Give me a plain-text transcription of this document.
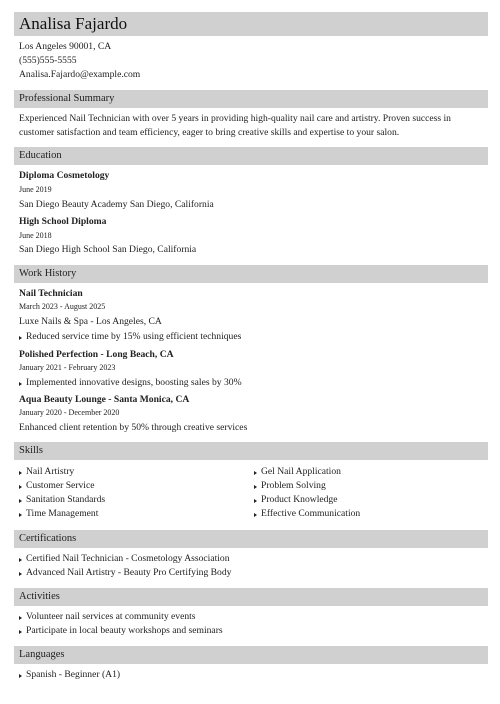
Analisa Fajardo
Los Angeles 90001, CA
(555)555-5555
Analisa.Fajardo@example.com
Professional Summary
Experienced Nail Technician with over 5 years in providing high-quality nail care and artistry. Proven success in customer satisfaction and team efficiency, eager to bring creative skills and expertise to your salon.
Education
Diploma Cosmetology
June 2019
San Diego Beauty Academy San Diego, California
High School Diploma
June 2018
San Diego High School San Diego, California
Work History
Nail Technician
March 2023 - August 2025
Luxe Nails & Spa - Los Angeles, CA
Reduced service time by 15% using efficient techniques
Polished Perfection - Long Beach, CA
January 2021 - February 2023
Implemented innovative designs, boosting sales by 30%
Aqua Beauty Lounge - Santa Monica, CA
January 2020 - December 2020
Enhanced client retention by 50% through creative services
Skills
Nail Artistry
Customer Service
Sanitation Standards
Time Management
Gel Nail Application
Problem Solving
Product Knowledge
Effective Communication
Certifications
Certified Nail Technician - Cosmetology Association
Advanced Nail Artistry - Beauty Pro Certifying Body
Activities
Volunteer nail services at community events
Participate in local beauty workshops and seminars
Languages
Spanish - Beginner (A1)
